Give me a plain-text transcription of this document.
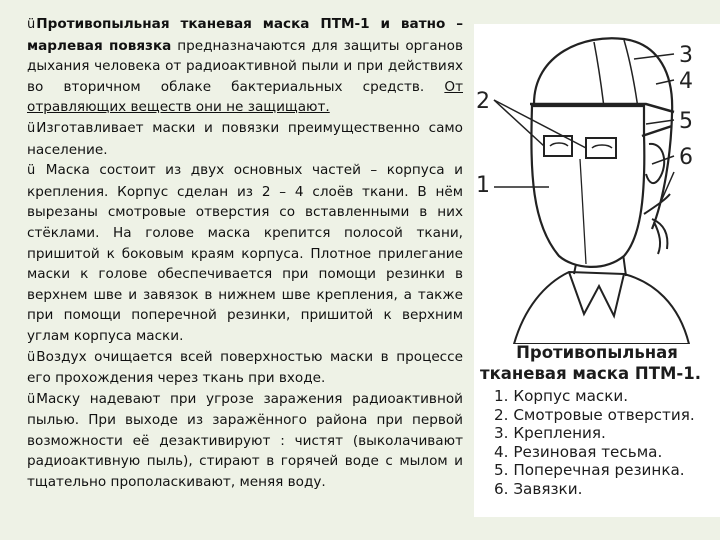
üПротивопыльная тканевая маска ПТМ-1 и ватно – марлевая повязка предназначаются для защиты органов дыхания человека от радиоактивной пыли и при действиях во вторичном облаке бактериальных средств. От отравляющих веществ они не защищают.

üИзготавливает маски и повязки преимущественно само население.

ü Маска состоит из двух основных частей – корпуса и крепления. Корпус сделан из 2 – 4 слоёв ткани. В нём вырезаны смотровые отверстия со вставленными в них стёклами. На голове маска крепится полосой ткани, пришитой к боковым краям корпуса. Плотное прилегание маски к голове обеспечивается при помощи резинки в верхнем шве и завязок в нижнем шве крепления, а также при помощи поперечной резинки, пришитой к верхним углам корпуса маски.

üВоздух очищается всей поверхностью маски в процессе его прохождения через ткань при входе.

üМаску надевают при угрозе заражения радиоактивной пылью. При выходе из заражённого района при первой возможности её дезактивируют : чистят (выколачивают радиоактивную пыль), стирают в горячей воде с мылом и тщательно прополаскивают, меняя воду.

1
2
3
4
5
6

Противопыльная
тканевая маска ПТМ-1.

1. Корпус маски.
2. Смотровые отверстия.
3. Крепления.
4. Резиновая тесьма.
5. Поперечная резинка.
6. Завязки.
